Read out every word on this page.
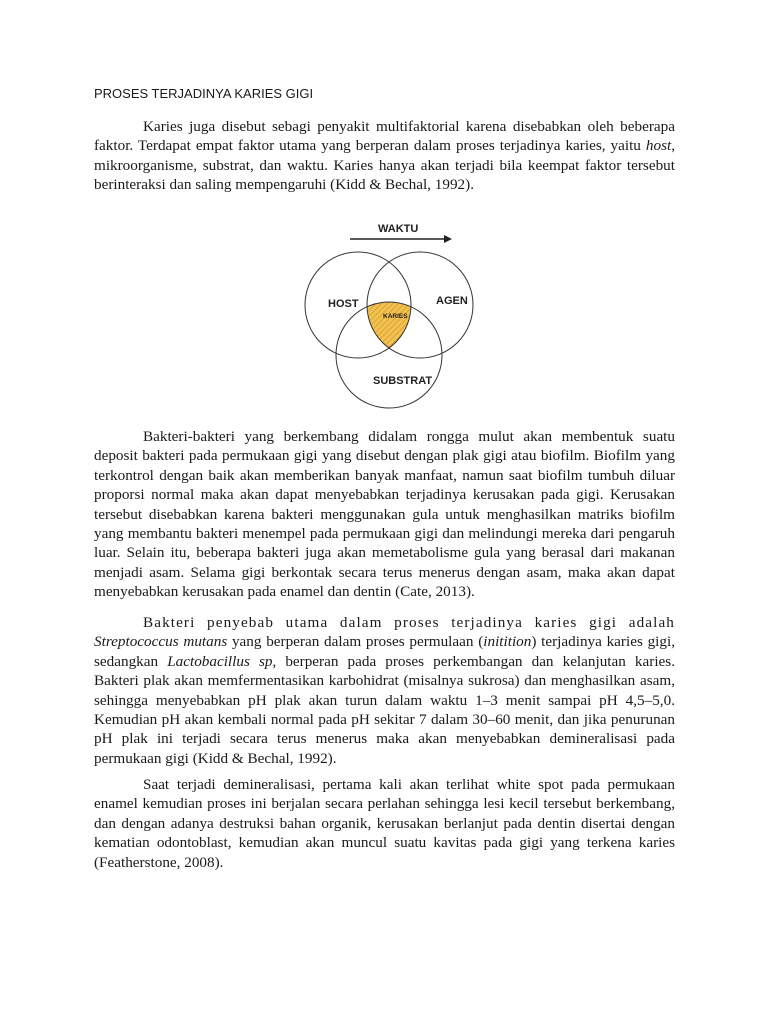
PROSES TERJADINYA KARIES GIGI

Karies juga disebut sebagi penyakit multifaktorial karena disebabkan oleh beberapa faktor. Terdapat empat faktor utama yang berperan dalam proses terjadinya karies, yaitu host, mikroorganisme, substrat, dan waktu. Karies hanya akan terjadi bila keempat faktor tersebut berinteraksi dan saling mempengaruhi (Kidd & Bechal, 1992).

WAKTU
HOST	AGEN
KARIES
SUBSTRAT

Bakteri-bakteri yang berkembang didalam rongga mulut akan membentuk suatu deposit bakteri pada permukaan gigi yang disebut dengan plak gigi atau biofilm. Biofilm yang terkontrol dengan baik akan memberikan banyak manfaat, namun saat biofilm tumbuh diluar proporsi normal maka akan dapat menyebabkan terjadinya kerusakan pada gigi. Kerusakan tersebut disebabkan karena bakteri menggunakan gula untuk menghasilkan matriks biofilm yang membantu bakteri menempel pada permukaan gigi dan melindungi mereka dari pengaruh luar. Selain itu, beberapa bakteri juga akan memetabolisme gula yang berasal dari makanan menjadi asam. Selama gigi berkontak secara terus menerus dengan asam, maka akan dapat menyebabkan kerusakan pada enamel dan dentin (Cate, 2013).

Bakteri penyebab utama dalam proses terjadinya karies gigi adalah Streptococcus mutans yang berperan dalam proses permulaan (initition) terjadinya karies gigi, sedangkan Lactobacillus sp, berperan pada proses perkembangan dan kelanjutan karies. Bakteri plak akan memfermentasikan karbohidrat (misalnya sukrosa) dan menghasilkan asam, sehingga menyebabkan pH plak akan turun dalam waktu 1–3 menit sampai pH 4,5–5,0. Kemudian pH akan kembali normal pada pH sekitar 7 dalam 30–60 menit, dan jika penurunan pH plak ini terjadi secara terus menerus maka akan menyebabkan demineralisasi pada permukaan gigi (Kidd & Bechal, 1992).

Saat terjadi demineralisasi, pertama kali akan terlihat white spot pada permukaan enamel kemudian proses ini berjalan secara perlahan sehingga lesi kecil tersebut berkembang, dan dengan adanya destruksi bahan organik, kerusakan berlanjut pada dentin disertai dengan kematian odontoblast, kemudian akan muncul suatu kavitas pada gigi yang terkena karies (Featherstone, 2008).
